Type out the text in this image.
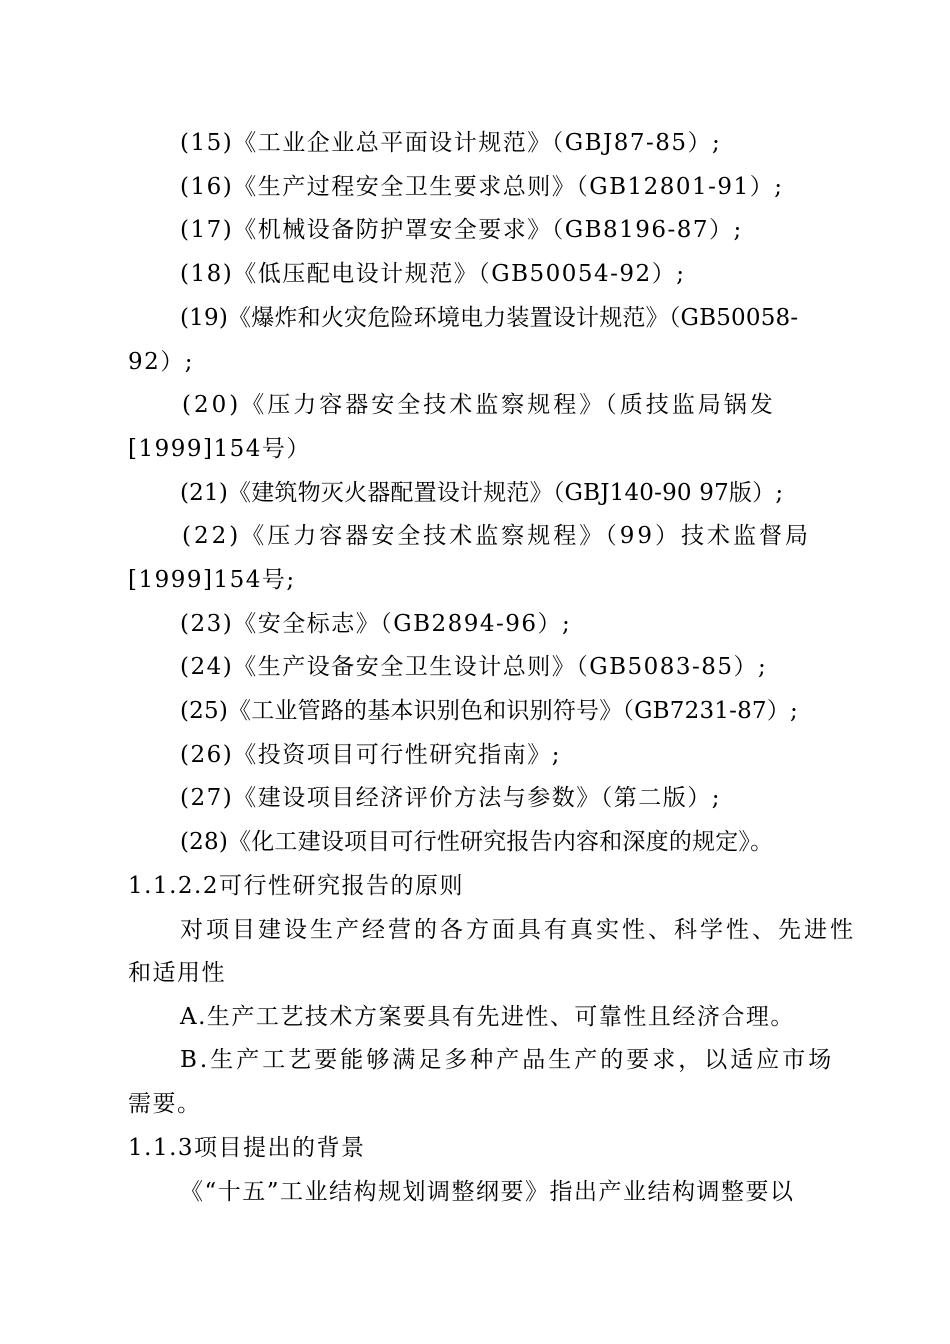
(15)《工业企业总平面设计规范》（GBJ87-85）;
(16)《生产过程安全卫生要求总则》（GB12801-91）;
(17)《机械设备防护罩安全要求》（GB8196-87）;
(18)《低压配电设计规范》（GB50054-92）;
(19)《爆炸和火灾危险环境电力装置设计规范》（GB50058-
92）;
(20)《压力容器安全技术监察规程》（质技监局锅发
[1999]154号）
(21)《建筑物灭火器配置设计规范》（GBJ140-90 97版）;
(22)《压力容器安全技术监察规程》（99）技术监督局
[1999]154号;
(23)《安全标志》（GB2894-96）;
(24)《生产设备安全卫生设计总则》（GB5083-85）;
(25)《工业管路的基本识别色和识别符号》（GB7231-87）;
(26)《投资项目可行性研究指南》;
(27)《建设项目经济评价方法与参数》（第二版）;
(28)《化工建设项目可行性研究报告内容和深度的规定》。
1.1.2.2可行性研究报告的原则
对项目建设生产经营的各方面具有真实性、科学性、先进性
和适用性
A.生产工艺技术方案要具有先进性、可靠性且经济合理。
B.生产工艺要能够满足多种产品生产的要求，以适应市场
需要。
1.1.3项目提出的背景
《“十五”工业结构规划调整纲要》指出产业结构调整要以
